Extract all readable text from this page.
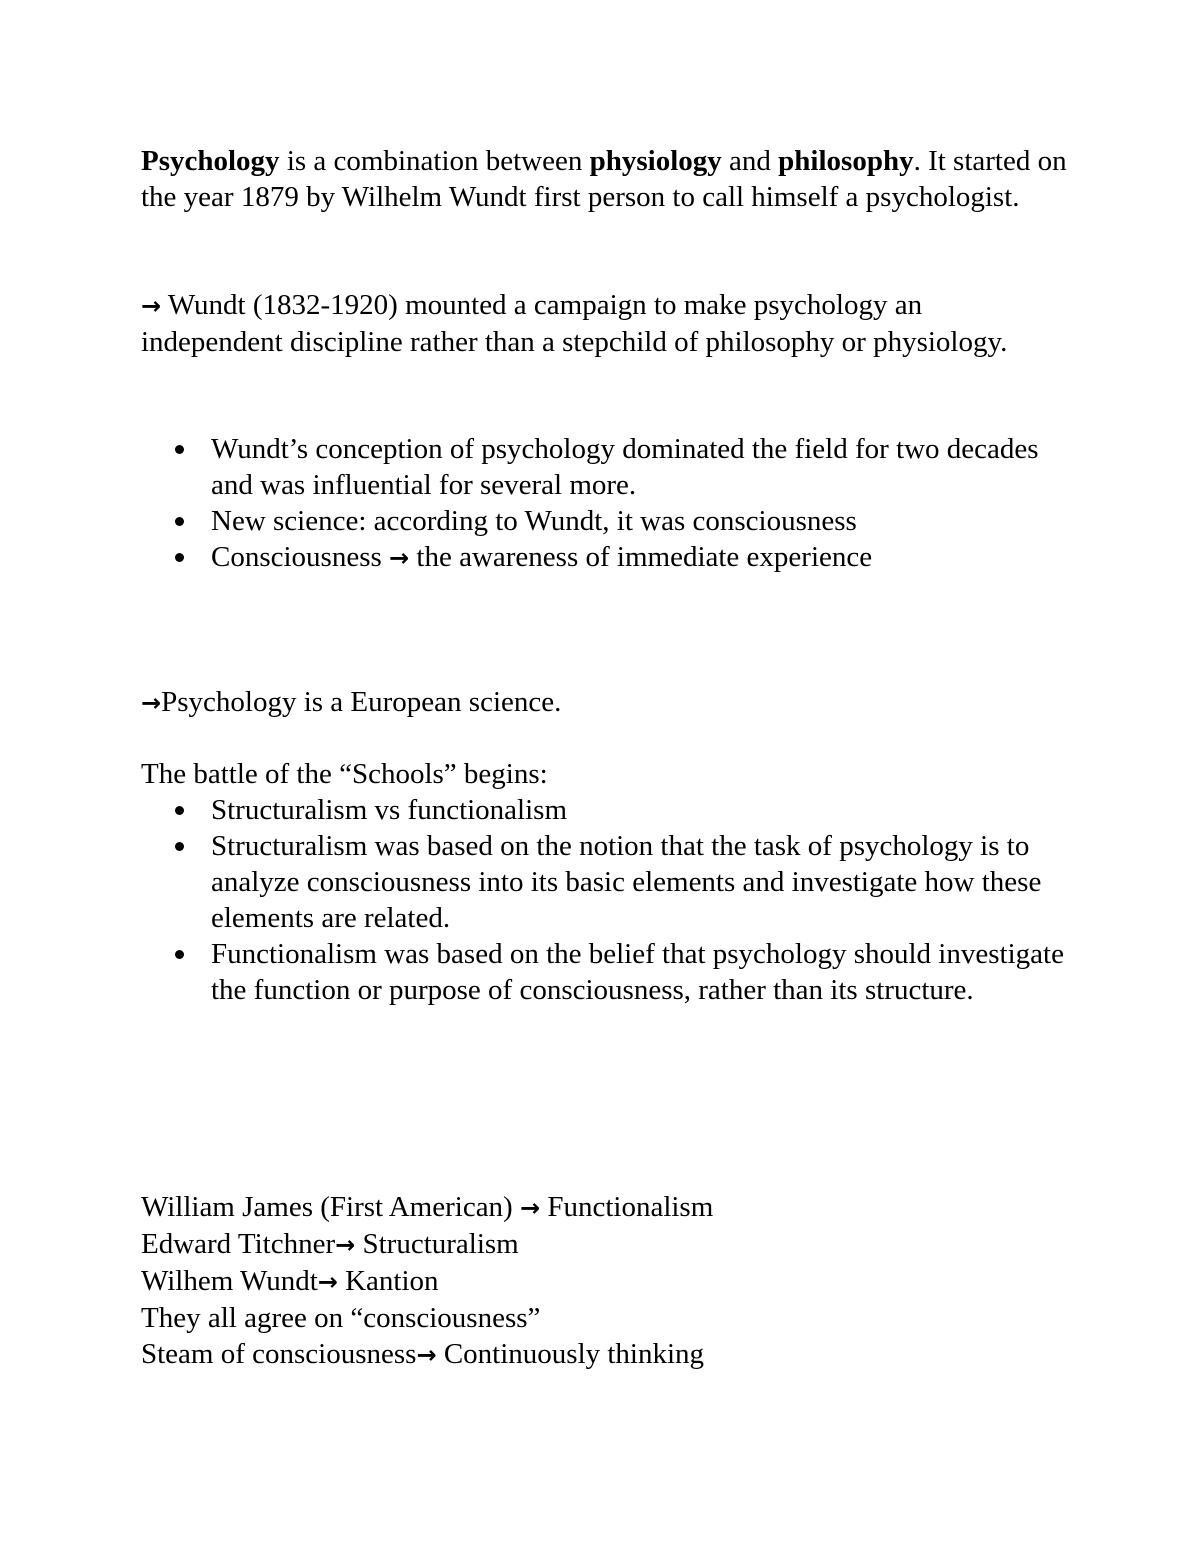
Psychology is a combination between physiology and philosophy. It started on the year 1879 by Wilhelm Wundt first person to call himself a psychologist.

→ Wundt (1832-1920) mounted a campaign to make psychology an independent discipline rather than a stepchild of philosophy or physiology.

Wundt’s conception of psychology dominated the field for two decades and was influential for several more.
New science: according to Wundt, it was consciousness
Consciousness → the awareness of immediate experience

→Psychology is a European science.

The battle of the “Schools” begins:

Structuralism vs functionalism
Structuralism was based on the notion that the task of psychology is to analyze consciousness into its basic elements and investigate how these elements are related.
Functionalism was based on the belief that psychology should investigate the function or purpose of consciousness, rather than its structure.
William James (First American) → Functionalism
Edward Titchner→ Structuralism
Wilhem Wundt→ Kantion
They all agree on “consciousness”
Steam of consciousness→ Continuously thinking
